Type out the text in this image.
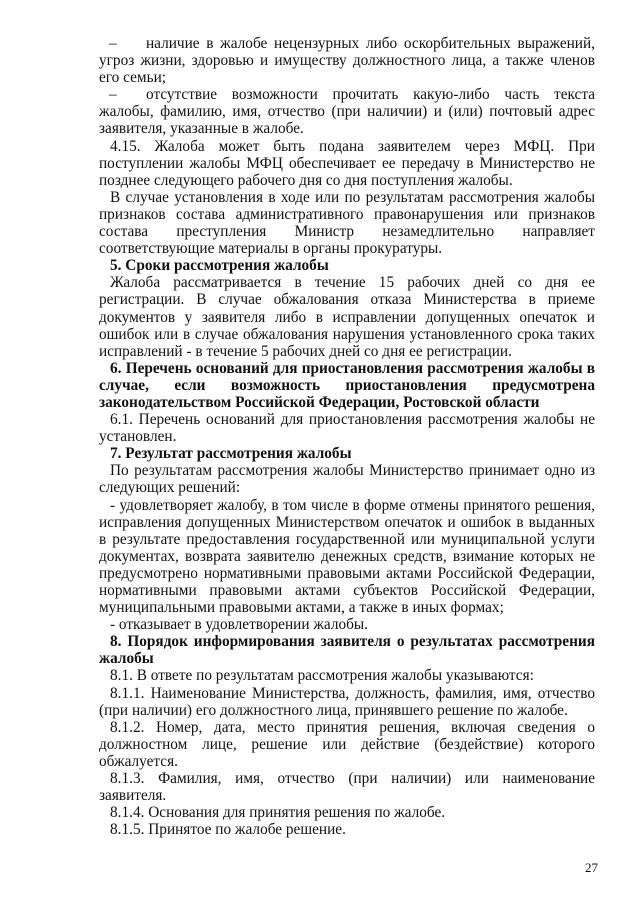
– наличие в жалобе нецензурных либо оскорбительных выражений, угроз жизни, здоровью и имуществу должностного лица, а также членов его семьи;

– отсутствие возможности прочитать какую-либо часть текста жалобы, фамилию, имя, отчество (при наличии) и (или) почтовый адрес заявителя, указанные в жалобе.

4.15. Жалоба может быть подана заявителем через МФЦ. При поступлении жалобы МФЦ обеспечивает ее передачу в Министерство не позднее следующего рабочего дня со дня поступления жалобы.

В случае установления в ходе или по результатам рассмотрения жалобы признаков состава административного правонарушения или признаков состава преступления Министр незамедлительно направляет соответствующие материалы в органы прокуратуры.

5. Сроки рассмотрения жалобы

Жалоба рассматривается в течение 15 рабочих дней со дня ее регистрации. В случае обжалования отказа Министерства в приеме документов у заявителя либо в исправлении допущенных опечаток и ошибок или в случае обжалования нарушения установленного срока таких исправлений - в течение 5 рабочих дней со дня ее регистрации.

6. Перечень оснований для приостановления рассмотрения жалобы в случае, если возможность приостановления предусмотрена законодательством Российской Федерации, Ростовской области

6.1. Перечень оснований для приостановления рассмотрения жалобы не установлен.

7. Результат рассмотрения жалобы

По результатам рассмотрения жалобы Министерство принимает одно из следующих решений:

- удовлетворяет жалобу, в том числе в форме отмены принятого решения, исправления допущенных Министерством опечаток и ошибок в выданных в результате предоставления государственной или муниципальной услуги документах, возврата заявителю денежных средств, взимание которых не предусмотрено нормативными правовыми актами Российской Федерации, нормативными правовыми актами субъектов Российской Федерации, муниципальными правовыми актами, а также в иных формах;

- отказывает в удовлетворении жалобы.

8. Порядок информирования заявителя о результатах рассмотрения жалобы

8.1. В ответе по результатам рассмотрения жалобы указываются:

8.1.1. Наименование Министерства, должность, фамилия, имя, отчество (при наличии) его должностного лица, принявшего решение по жалобе.

8.1.2. Номер, дата, место принятия решения, включая сведения о должностном лице, решение или действие (бездействие) которого обжалуется.

8.1.3. Фамилия, имя, отчество (при наличии) или наименование заявителя.

8.1.4. Основания для принятия решения по жалобе.

8.1.5. Принятое по жалобе решение.

27
